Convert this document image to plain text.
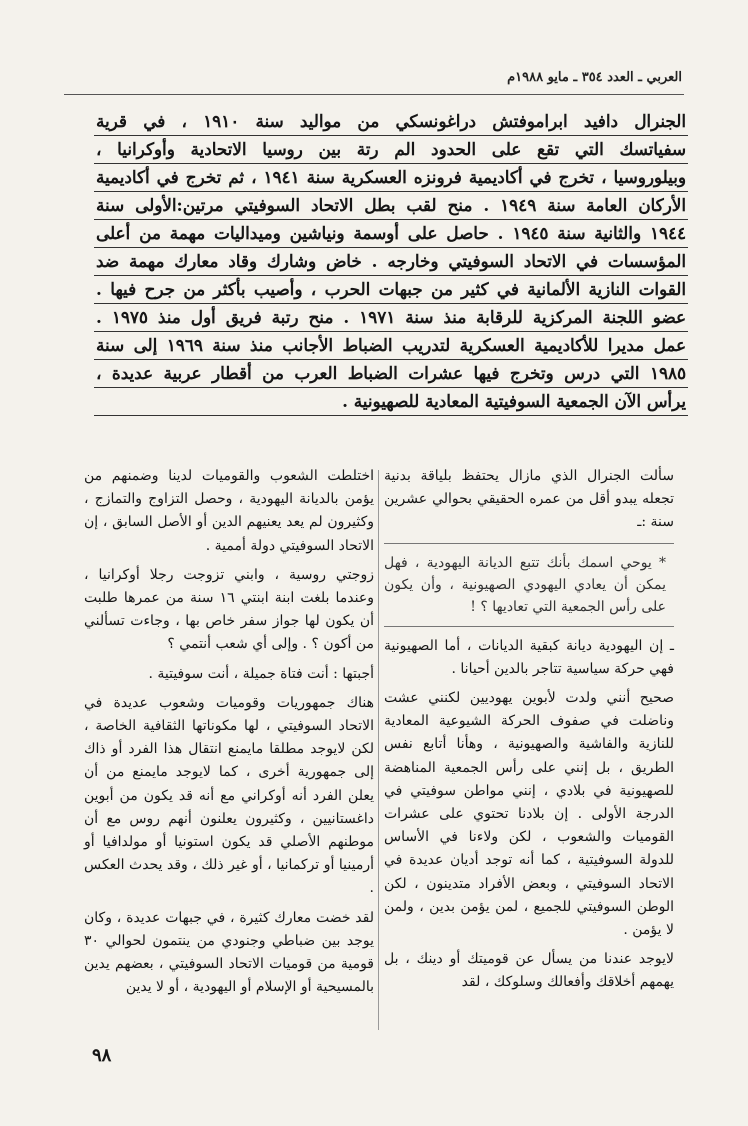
العربي ـ العدد ٣٥٤ ـ مايو ١٩٨٨م
الجنرال دافيد ابراموفتش دراغونسكي من مواليد سنة ١٩١٠ ، في قرية
سفياتسك التي تقع على الحدود الم رتة بين روسيا الاتحادية وأوكرانيا ،
وبيلوروسيا ، تخرج في أكاديمية فرونزه العسكرية سنة ١٩٤١ ، ثم تخرج في أكاديمية
الأركان العامة سنة ١٩٤٩ . منح لقب بطل الاتحاد السوفيتي مرتين:الأولى سنة
١٩٤٤ والثانية سنة ١٩٤٥ . حاصل على أوسمة ونياشين وميداليات مهمة من أعلى
المؤسسات في الاتحاد السوفيتي وخارجه . خاض وشارك وقاد معارك مهمة ضد
القوات النازية الألمانية في كثير من جبهات الحرب ، وأصيب بأكثر من جرح فيها .
عضو اللجنة المركزية للرقابة منذ سنة ١٩٧١ . منح رتبة فريق أول منذ ١٩٧٥ .
عمل مديرا للأكاديمية العسكرية لتدريب الضباط الأجانب منذ سنة ١٩٦٩ إلى سنة
١٩٨٥ التي درس وتخرج فيها عشرات الضباط العرب من أقطار عربية عديدة ،
يرأس الآن الجمعية السوفيتية المعادية للصهيونية .

سألت الجنرال الذي مازال يحتفظ بلياقة بدنية تجعله يبدو أقل من عمره الحقيقي بحوالي عشرين سنة :ـ

* يوحي اسمك بأنك تتبع الديانة اليهودية ، فهل يمكن أن يعادي اليهودي الصهيونية ، وأن يكون على رأس الجمعية التي تعاديها ؟ !

ـ إن اليهودية ديانة كبقية الديانات ، أما الصهيونية فهي حركة سياسية تتاجر بالدين أحيانا .

صحيح أنني ولدت لأبوين يهوديين لكنني عشت وناضلت في صفوف الحركة الشيوعية المعادية للنازية والفاشية والصهيونية ، وهأنا أتابع نفس الطريق ، بل إنني على رأس الجمعية المناهضة للصهيونية في بلادي ، إنني مواطن سوفيتي في الدرجة الأولى . إن بلادنا تحتوي على عشرات القوميات والشعوب ، لكن ولاءنا في الأساس للدولة السوفيتية ، كما أنه توجد أديان عديدة في الاتحاد السوفيتي ، وبعض الأفراد متدينون ، لكن الوطن السوفيتي للجميع ، لمن يؤمن بدين ، ولمن لا يؤمن .

لايوجد عندنا من يسأل عن قوميتك أو دينك ، بل يهمهم أخلاقك وأفعالك وسلوكك ، لقد

اختلطت الشعوب والقوميات لدينا وضمنهم من يؤمن بالديانة اليهودية ، وحصل التزاوج والتمازج ، وكثيرون لم يعد يعنيهم الدين أو الأصل السابق ، إن الاتحاد السوفيتي دولة أممية .

زوجتي روسية ، وابني تزوجت رجلا أوكرانيا ، وعندما بلغت ابنة ابنتي ١٦ سنة من عمرها طلبت أن يكون لها جواز سفر خاص بها ، وجاءت تسألني من أكون ؟ . وإلى أي شعب أنتمي ؟

أجبتها : أنت فتاة جميلة ، أنت سوفيتية .

هناك جمهوريات وقوميات وشعوب عديدة في الاتحاد السوفيتي ، لها مكوناتها الثقافية الخاصة ، لكن لايوجد مطلقا مايمنع انتقال هذا الفرد أو ذاك إلى جمهورية أخرى ، كما لايوجد مايمنع من أن يعلن الفرد أنه أوكراني مع أنه قد يكون من أبوين داغستانيين ، وكثيرون يعلنون أنهم روس مع أن موطنهم الأصلي قد يكون استونيا أو مولدافيا أو أرمينيا أو تركمانيا ، أو غير ذلك ، وقد يحدث العكس .

لقد خضت معارك كثيرة ، في جبهات عديدة ، وكان يوجد بين ضباطي وجنودي من ينتمون لحوالي ٣٠ قومية من قوميات الاتحاد السوفيتي ، بعضهم يدين بالمسيحية أو الإسلام أو اليهودية ، أو لا يدين

٩٨
